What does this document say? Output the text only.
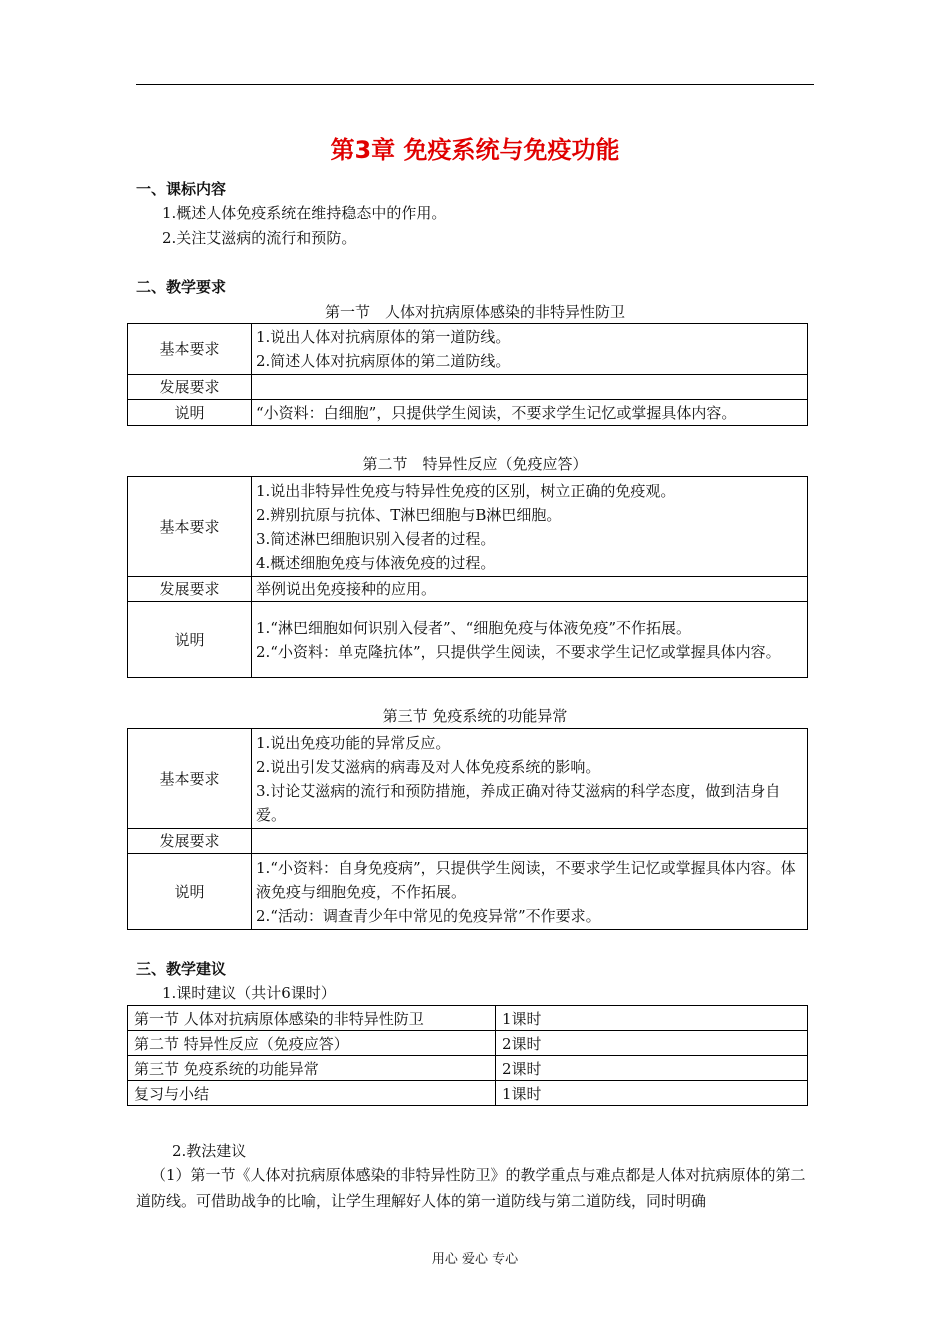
第3章 免疫系统与免疫功能
一、课标内容
1.概述人体免疫系统在维持稳态中的作用。
2.关注艾滋病的流行和预防。
二、教学要求
第一节　人体对抗病原体感染的非特异性防卫
基本要求	1.说出人体对抗病原体的第一道防线。
2.简述人体对抗病原体的第二道防线。

发展要求	
说明	“小资料：白细胞”，只提供学生阅读，不要求学生记忆或掌握具体内容。
第二节　特异性反应（免疫应答）
基本要求	1.说出非特异性免疫与特异性免疫的区别，树立正确的免疫观。
2.辨别抗原与抗体、T淋巴细胞与B淋巴细胞。
3.简述淋巴细胞识别入侵者的过程。
4.概述细胞免疫与体液免疫的过程。

发展要求	举例说出免疫接种的应用。
说明	1.“淋巴细胞如何识别入侵者”、“细胞免疫与体液免疫”不作拓展。
2.“小资料：单克隆抗体”，只提供学生阅读，不要求学生记忆或掌握具体内容。
第三节 免疫系统的功能异常
基本要求	1.说出免疫功能的异常反应。
2.说出引发艾滋病的病毒及对人体免疫系统的影响。
3.讨论艾滋病的流行和预防措施，养成正确对待艾滋病的科学态度，做到洁身自爱。

发展要求	
说明	1.“小资料：自身免疫病”，只提供学生阅读，不要求学生记忆或掌握具体内容。体液免疫与细胞免疫，不作拓展。
2.“活动：调查青少年中常见的免疫异常”不作要求。
三、教学建议
1.课时建议（共计6课时）
第一节 人体对抗病原体感染的非特异性防卫	1课时
第二节 特异性反应（免疫应答）	2课时
第三节 免疫系统的功能异常	2课时
复习与小结	1课时
2.教法建议
（1）第一节《人体对抗病原体感染的非特异性防卫》的教学重点与难点都是人体对抗病原体的第二道防线。可借助战争的比喻，让学生理解好人体的第一道防线与第二道防线，同时明确
用心 爱心 专心
